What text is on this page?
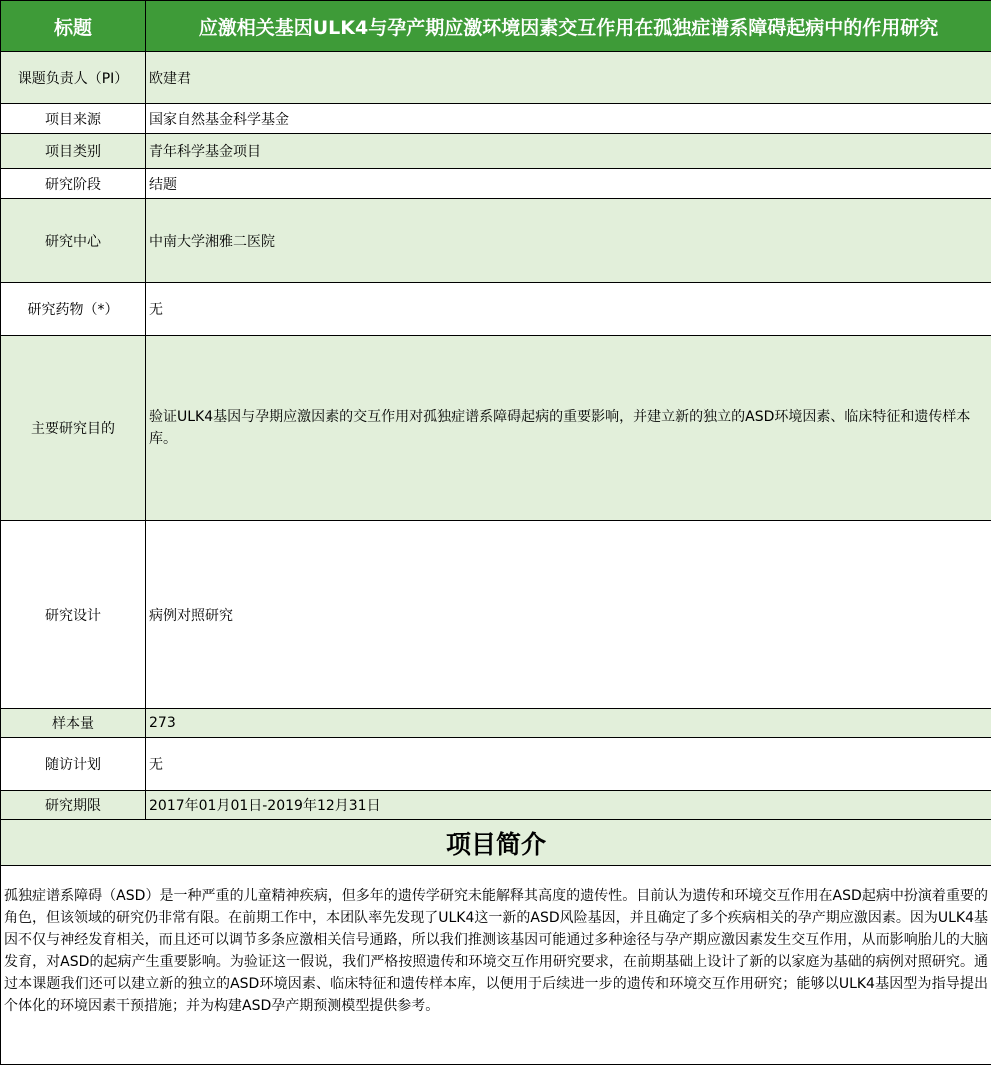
标题	应激相关基因ULK4与孕产期应激环境因素交互作用在孤独症谱系障碍起病中的作用研究
课题负责人（PI）	欧建君
项目来源	国家自然基金科学基金
项目类别	青年科学基金项目
研究阶段	结题
研究中心	中南大学湘雅二医院
研究药物（*）	无
主要研究目的	验证ULK4基因与孕期应激因素的交互作用对孤独症谱系障碍起病的重要影响，并建立新的独立的ASD环境因素、临床特征和遗传样本库。
研究设计	病例对照研究
样本量	273
随访计划	无
研究期限	2017年01月01日-2019年12月31日
项目简介	
孤独症谱系障碍（ASD）是一种严重的儿童精神疾病，但多年的遗传学研究未能解释其高度的遗传性。目前认为遗传和环境交互作用在ASD起病中扮演着重要的角色，但该领域的研究仍非常有限。在前期工作中，本团队率先发现了ULK4这一新的ASD风险基因，并且确定了多个疾病相关的孕产期应激因素。因为ULK4基因不仅与神经发育相关，而且还可以调节多条应激相关信号通路，所以我们推测该基因可能通过多种途径与孕产期应激因素发生交互作用，从而影响胎儿的大脑发育，对ASD的起病产生重要影响。为验证这一假说，我们严格按照遗传和环境交互作用研究要求，在前期基础上设计了新的以家庭为基础的病例对照研究。通过本课题我们还可以建立新的独立的ASD环境因素、临床特征和遗传样本库，以便用于后续进一步的遗传和环境交互作用研究；能够以ULK4基因型为指导提出个体化的环境因素干预措施；并为构建ASD孕产期预测模型提供参考。	
